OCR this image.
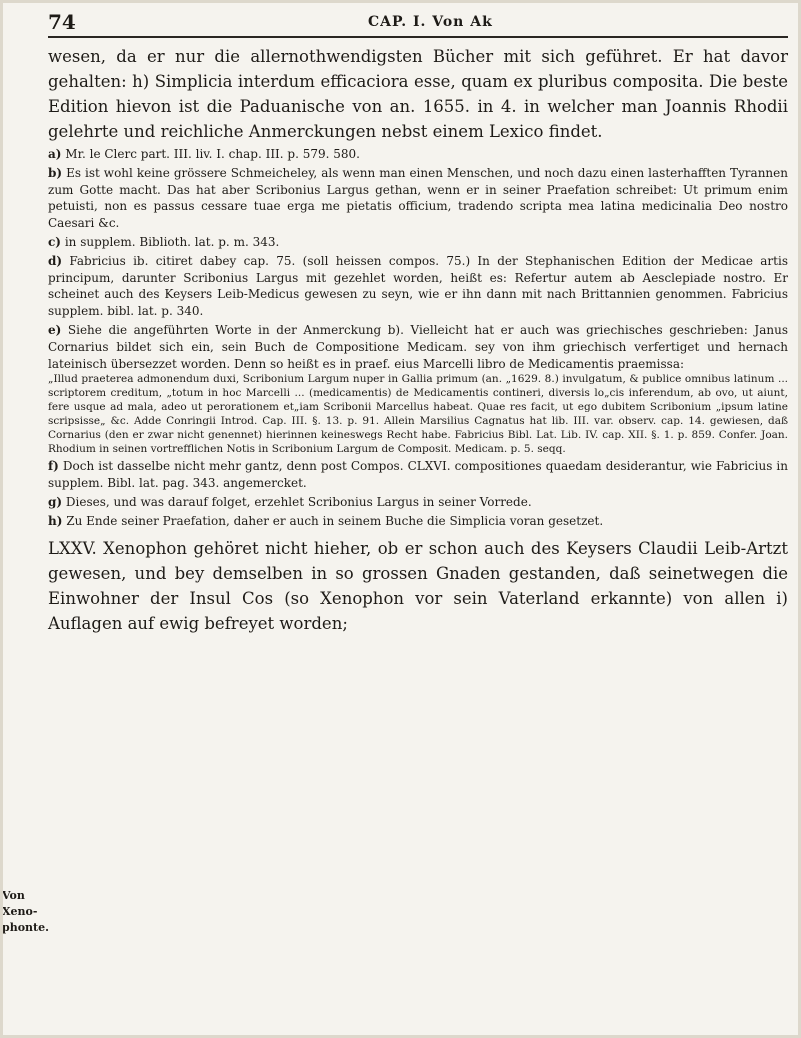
74	CAP. I. Von Ak

wesen, da er nur die allernothwendigsten Bücher mit sich geführet. Er hat davor gehalten: h) Simplicia interdum efficaciora esse, quam ex pluribus composita. Die beste Edition hievon ist die Paduanische von an. 1655. in 4. in welcher man Joannis Rhodii gelehrte und reichliche Anmerckungen nebst einem Lexico findet.

a) Mr. le Clerc part. III. liv. I. chap. III. p. 579. 580.

b) Es ist wohl keine grössere Schmeicheley, als wenn man einen Menschen, und noch dazu einen lasterhafften Tyrannen zum Gotte macht. Das hat aber Scribonius Largus gethan, wenn er in seiner Praefation schreibet: Ut primum enim petuisti, non es passus cessare tuae erga me pietatis officium, tradendo scripta mea latina medicinalia Deo nostro Caesari &c.

c) in supplem. Biblioth. lat. p. m. 343.

d) Fabricius ib. citiret dabey cap. 75. (soll heissen compos. 75.) In der Stephanischen Edition der Medicae artis principum, darunter Scribonius Largus mit gezehlet worden, heißt es: Refertur autem ab Aesclepiade nostro. Er scheinet auch des Keysers Leib-Medicus gewesen zu seyn, wie er ihn dann mit nach Brittannien genommen. Fabricius supplem. bibl. lat. p. 340.

e) Siehe die angeführten Worte in der Anmerckung b). Vielleicht hat er auch was griechisches geschrieben: Janus Cornarius bildet sich ein, sein Buch de Compositione Medicam. sey von ihm griechisch verfertiget und hernach lateinisch übersezzet worden. Denn so heißt es in praef. eius Marcelli libro de Medicamentis praemissa:

„Illud praeterea admonendum duxi, Scribonium Largum nuper in Gallia primum (an. „1629. 8.) invulgatum, & publice omnibus latinum ... scriptorem creditum, „totum in hoc Marcelli ... (medicamentis) de Medicamentis contineri, diversis lo„cis inferendum, ab ovo, ut aiunt, fere usque ad mala, adeo ut perorationem et„iam Scribonii Marcellus habeat. Quae res facit, ut ego dubitem Scribonium „ipsum latine scripsisse„ &c. Adde Conringii Introd. Cap. III. §. 13. p. 91. Allein Marsilius Cagnatus hat lib. III. var. observ. cap. 14. gewiesen, daß Cornarius (den er zwar nicht genennet) hierinnen keineswegs Recht habe. Fabricius Bibl. Lat. Lib. IV. cap. XII. §. 1. p. 859. Confer. Joan. Rhodium in seinen vortrefflichen Notis in Scribonium Largum de Composit. Medicam. p. 5. seqq.

f) Doch ist dasselbe nicht mehr gantz, denn post Compos. CLXVI. compositiones quaedam desiderantur, wie Fabricius in supplem. Bibl. lat. pag. 343. angemercket.

g) Dieses, und was darauf folget, erzehlet Scribonius Largus in seiner Vorrede.

h) Zu Ende seiner Praefation, daher er auch in seinem Buche die Simplicia voran gesetzet.

LXXV. Xenophon gehöret nicht hieher, ob er schon auch des Keysers Claudii Leib-Artzt gewesen, und bey demselben in so grossen Gnaden gestanden, daß seinetwegen die Einwohner der Insul Cos (so Xenophon vor sein Vaterland erkannte) von allen i) Auflagen auf ewig befreyet worden;

Von Xenophonte.
